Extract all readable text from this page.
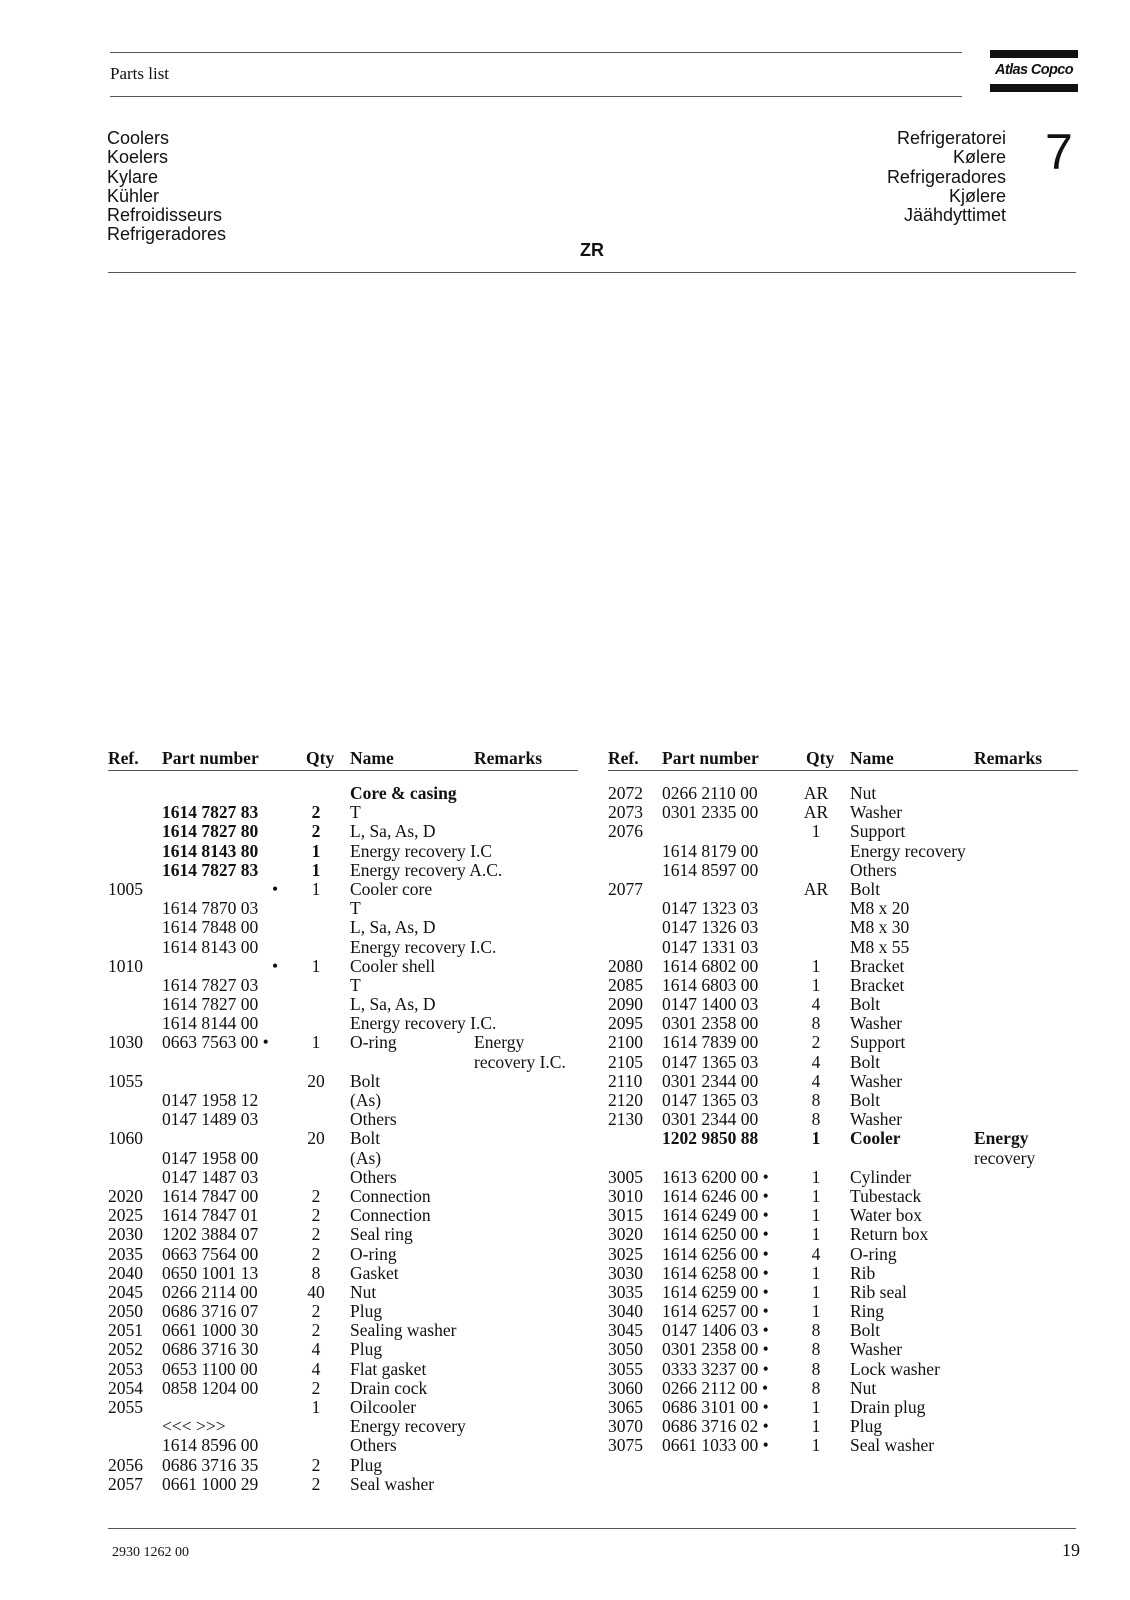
Parts list	Atlas Copco
Coolers
Koelers
Kylare
Kühler
Refroidisseurs
Refrigeradores
Refrigeratorei
Kølere
Refrigeradores
Kjølere
Jäähdyttimet
7
ZR
Ref. Part number	Qty Name	Remarks
Core & casing
1614 7827 83	2	T
1614 7827 80	2	L, Sa, As, D
1614 8143 80	1	Energy recovery I.C
1614 7827 83	1	Energy recovery A.C.
1005	•	1	Cooler core
1614 7870 03	T
1614 7848 00	L, Sa, As, D
1614 8143 00	Energy recovery I.C.
1010	•	1	Cooler shell
1614 7827 03	T
1614 7827 00	L, Sa, As, D
1614 8144 00	Energy recovery I.C.
1030 0663 7563 00 •	1	O-ring	Energy
recovery I.C.
1055	20	Bolt
0147 1958 12	(As)
0147 1489 03	Others
1060	20	Bolt
0147 1958 00	(As)
0147 1487 03	Others
2020 1614 7847 00	2	Connection
2025 1614 7847 01	2	Connection
2030 1202 3884 07	2	Seal ring
2035 0663 7564 00	2	O-ring
2040 0650 1001 13	8	Gasket
2045 0266 2114 00	40	Nut
2050 0686 3716 07	2	Plug
2051 0661 1000 30	2	Sealing washer
2052 0686 3716 30	4	Plug
2053 0653 1100 00	4	Flat gasket
2054 0858 1204 00	2	Drain cock
2055	1	Oilcooler
<<< >>>	Energy recovery
1614 8596 00	Others
2056 0686 3716 35	2	Plug
2057 0661 1000 29	2	Seal washer
Ref. Part number	Qty Name	Remarks
2072 0266 2110 00	AR	Nut
2073 0301 2335 00	AR	Washer
2076	1	Support
1614 8179 00	Energy recovery
1614 8597 00	Others
2077	AR	Bolt
0147 1323 03	M8 x 20
0147 1326 03	M8 x 30
0147 1331 03	M8 x 55
2080 1614 6802 00	1	Bracket
2085 1614 6803 00	1	Bracket
2090 0147 1400 03	4	Bolt
2095 0301 2358 00	8	Washer
2100 1614 7839 00	2	Support
2105 0147 1365 03	4	Bolt
2110 0301 2344 00	4	Washer
2120 0147 1365 03	8	Bolt
2130 0301 2344 00	8	Washer
1202 9850 88	1	Cooler	Energy
recovery
3005 1613 6200 00 •	1	Cylinder
3010 1614 6246 00 •	1	Tubestack
3015 1614 6249 00 •	1	Water box
3020 1614 6250 00 •	1	Return box
3025 1614 6256 00 •	4	O-ring
3030 1614 6258 00 •	1	Rib
3035 1614 6259 00 •	1	Rib seal
3040 1614 6257 00 •	1	Ring
3045 0147 1406 03 •	8	Bolt
3050 0301 2358 00 •	8	Washer
3055 0333 3237 00 •	8	Lock washer
3060 0266 2112 00 •	8	Nut
3065 0686 3101 00 •	1	Drain plug
3070 0686 3716 02 •	1	Plug
3075 0661 1033 00 •	1	Seal washer
2930 1262 00	19
